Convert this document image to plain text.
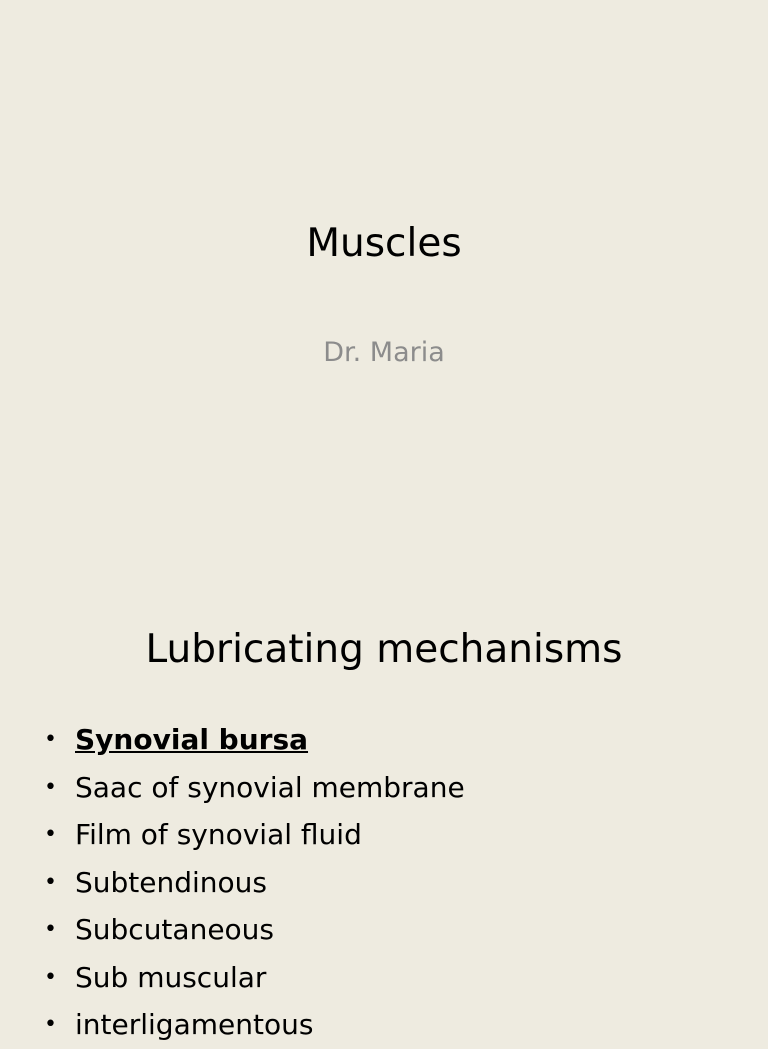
Muscles
Dr. Maria
Lubricating mechanisms
• Synovial bursa
• Saac of synovial membrane
• Film of synovial fluid
• Subtendinous
• Subcutaneous
• Sub muscular
• interligamentous
